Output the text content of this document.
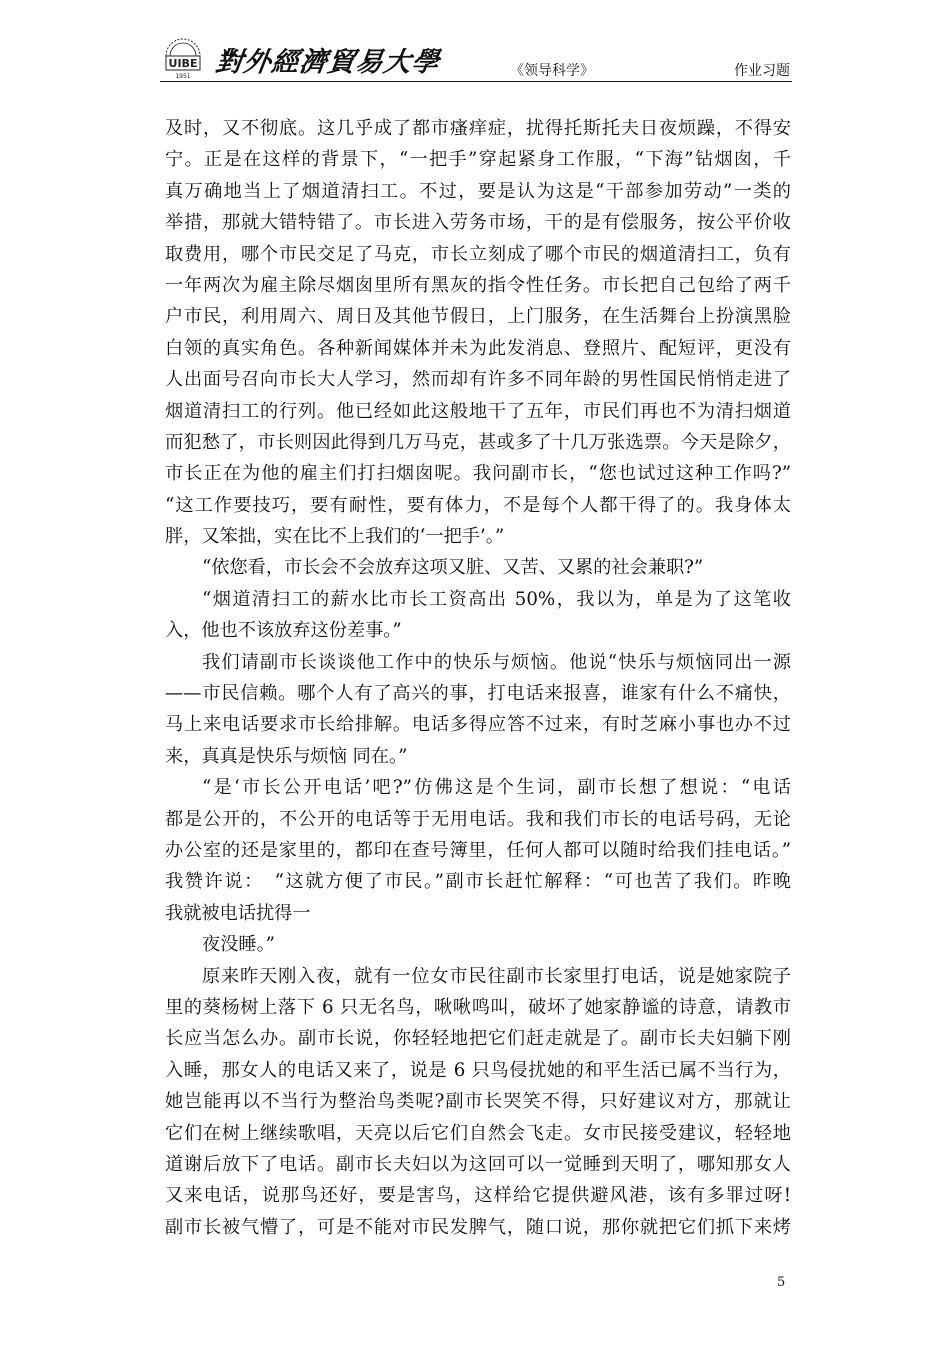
UIBE
1951 對外經濟貿易大學	《领导科学》	作业习题
及时，又不彻底。这几乎成了都市瘙痒症，扰得托斯托夫日夜烦躁，不得安
宁。正是在这样的背景下，“一把手”穿起紧身工作服，“下海”钻烟囱，千
真万确地当上了烟道清扫工。不过，要是认为这是“干部参加劳动”一类的
举措，那就大错特错了。市长进入劳务市场，干的是有偿服务，按公平价收
取费用，哪个市民交足了马克，市长立刻成了哪个市民的烟道清扫工，负有
一年两次为雇主除尽烟囱里所有黑灰的指令性任务。市长把自己包给了两千
户市民，利用周六、周日及其他节假日，上门服务，在生活舞台上扮演黑脸
白领的真实角色。各种新闻媒体并未为此发消息、登照片、配短评，更没有
人出面号召向市长大人学习，然而却有许多不同年龄的男性国民悄悄走进了
烟道清扫工的行列。他已经如此这般地干了五年，市民们再也不为清扫烟道
而犯愁了，市长则因此得到几万马克，甚或多了十几万张选票。今天是除夕，
市长正在为他的雇主们打扫烟囱呢。我问副市长，“您也试过这种工作吗?”
“这工作要技巧，要有耐性，要有体力，不是每个人都干得了的。我身体太
胖，又笨拙，实在比不上我们的‘一把手’。”
“依您看，市长会不会放弃这项又脏、又苦、又累的社会兼职?”
“烟道清扫工的薪水比市长工资高出 50%，我以为，单是为了这笔收
入，他也不该放弃这份差事。”
我们请副市长谈谈他工作中的快乐与烦恼。他说“快乐与烦恼同出一源
——市民信赖。哪个人有了高兴的事，打电话来报喜，谁家有什么不痛快，
马上来电话要求市长给排解。电话多得应答不过来，有时芝麻小事也办不过
来，真真是快乐与烦恼 同在。”
“是‘市长公开电话’吧?”仿佛这是个生词，副市长想了想说：“电话
都是公开的，不公开的电话等于无用电话。我和我们市长的电话号码，无论
办公室的还是家里的，都印在查号簿里，任何人都可以随时给我们挂电话。”
我赞许说：　“这就方便了市民。”副市长赶忙解释：“可也苦了我们。昨晚
我就被电话扰得一
夜没睡。”
原来昨天刚入夜，就有一位女市民往副市长家里打电话，说是她家院子
里的葵杨树上落下 6 只无名鸟，啾啾鸣叫，破坏了她家静谧的诗意，请教市
长应当怎么办。副市长说，你轻轻地把它们赶走就是了。副市长夫妇躺下刚
入睡，那女人的电话又来了，说是 6 只鸟侵扰她的和平生活已属不当行为，
她岂能再以不当行为整治鸟类呢?副市长哭笑不得，只好建议对方，那就让
它们在树上继续歌唱，天亮以后它们自然会飞走。女市民接受建议，轻轻地
道谢后放下了电话。副市长夫妇以为这回可以一觉睡到天明了，哪知那女人
又来电话，说那鸟还好，要是害鸟，这样给它提供避风港，该有多罪过呀!
副市长被气懵了，可是不能对市民发脾气，随口说，那你就把它们抓下来烤
5
